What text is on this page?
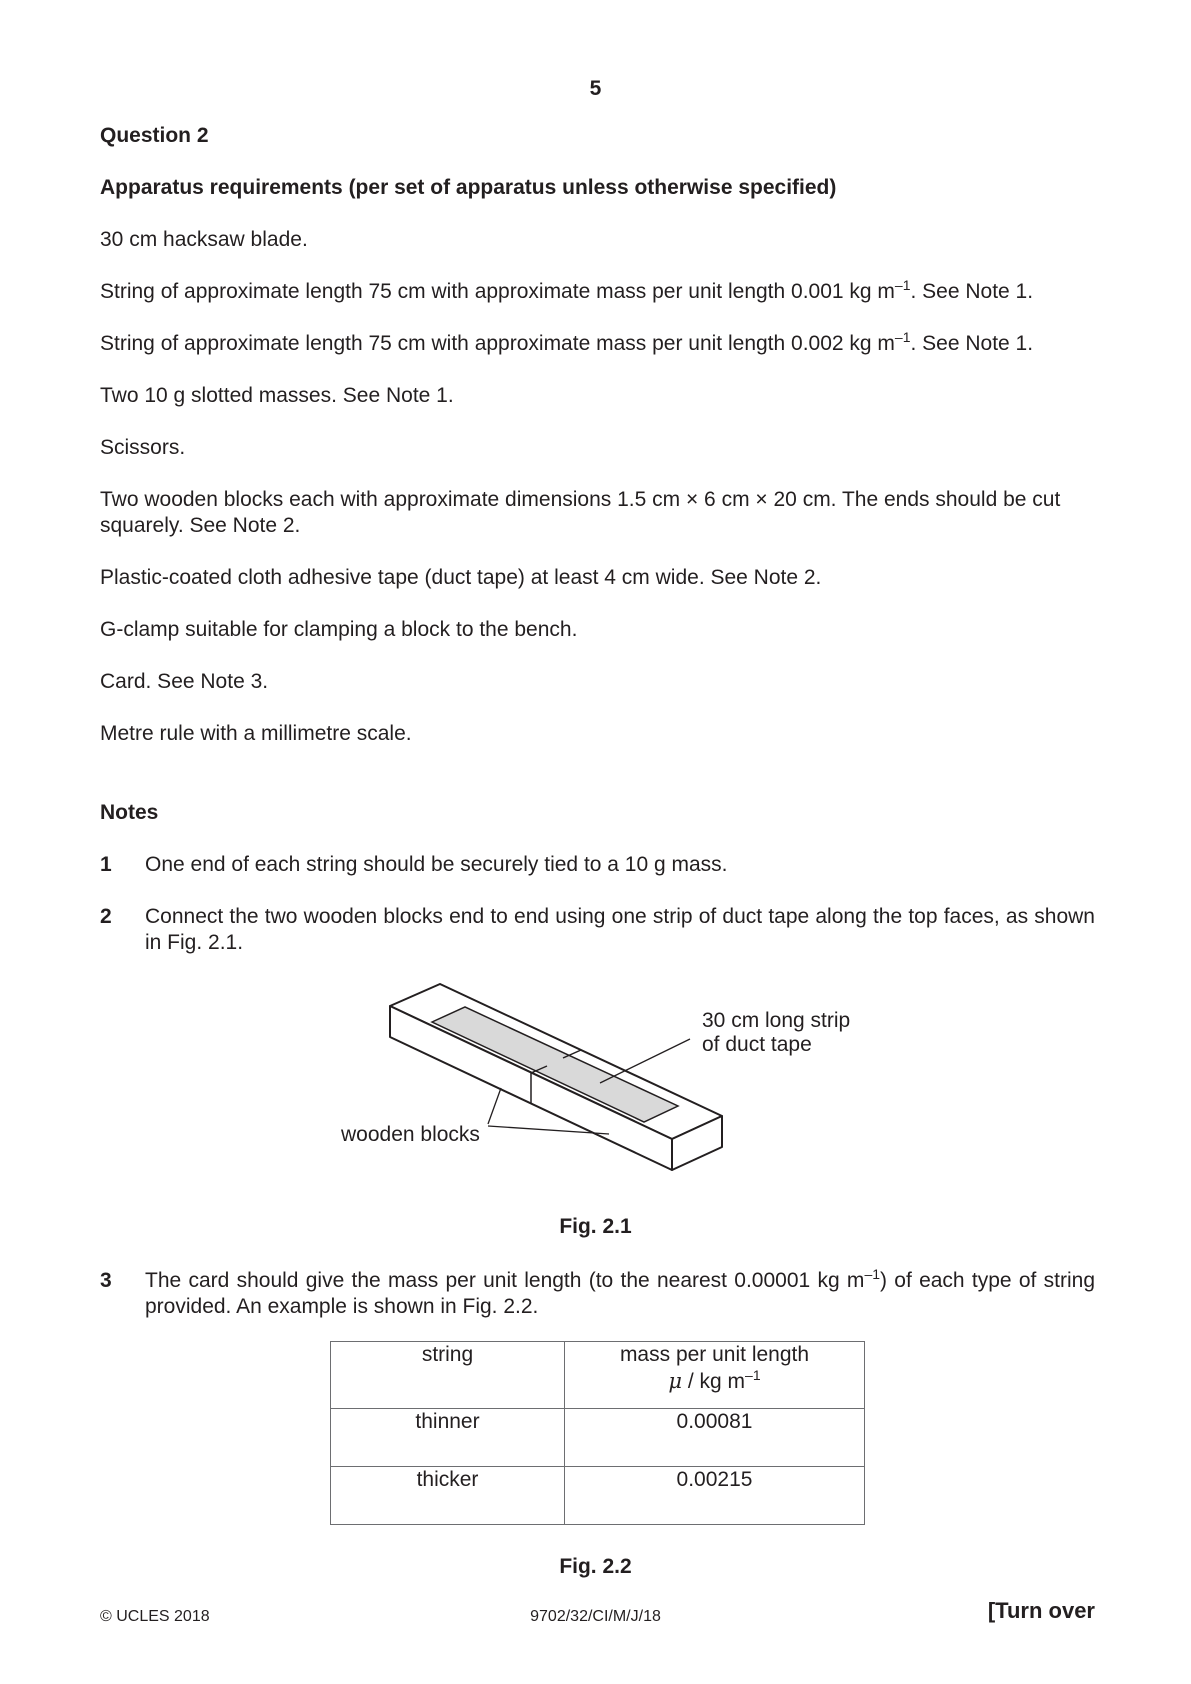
5
Question 2
Apparatus requirements (per set of apparatus unless otherwise specified)
30 cm hacksaw blade.
String of approximate length 75 cm with approximate mass per unit length 0.001 kg $m^{-1}$. See Note 1.
String of approximate length 75 cm with approximate mass per unit length 0.002 kg $m^{-1}$. See Note 1.
Two 10 g slotted masses. See Note 1.
Scissors.
Two wooden blocks each with approximate dimensions 1.5 cm × 6 cm × 20 cm. The ends should be cut squarely. See Note 2.
Plastic-coated cloth adhesive tape (duct tape) at least 4 cm wide. See Note 2.
G-clamp suitable for clamping a block to the bench.
Card. See Note 3.
Metre rule with a millimetre scale.
Notes
1 One end of each string should be securely tied to a 10 g mass.
2 Connect the two wooden blocks end to end using one strip of duct tape along the top faces, as shown in Fig. 2.1.
30 cm long strip
of duct tape
wooden blocks
Fig. 2.1
3 The card should give the mass per unit length (to the nearest 0.00001 kg $m^{-1}$) of each type of string provided. An example is shown in Fig. 2.2.
string	mass per unit length
μ / kg $m^{-1}$

thinner	0.00081
thicker	0.00215
Fig. 2.2
© UCLES 2018	9702/32/CI/M/J/18	[Turn over
